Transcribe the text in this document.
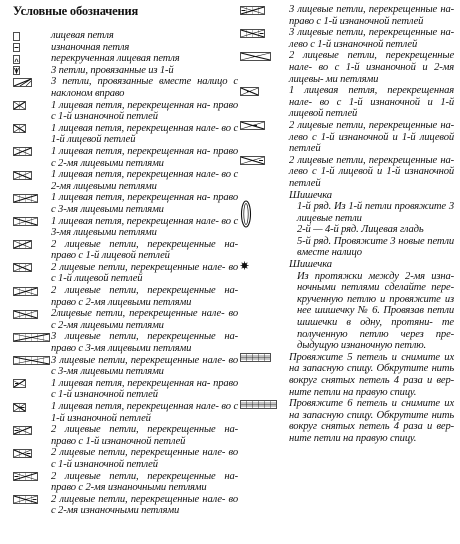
Условные обозначения
лицевая петля
изнаночная петля
перекрученная лицевая петля
3 петли, провязанные из 1-й
3 петли, провязанные вместе налицо с наклоном вправо
1 лицевая петля, перекрещенная на- право с 1-й изнаночной петлей
1 лицевая петля, перекрещенная нале- во с 1-й лицевой петлей
1 лицевая петля, перекрещенная на- право с 2-мя лицевыми петлями
1 лицевая петля, перекрещенная нале- во с 2-мя лицевыми петлями
1 лицевая петля, перекрещенная на- право с 3-мя лицевыми петлями
1 лицевая петля, перекрещенная нале- во с 3-мя лицевыми петлями
2 лицевые петли, перекрещенные на- право с 1-й лицевой петлей
2 лицевые петли, перекрещенные нале- во с 1-й лицевой петлей
2 лицевые петли, перекрещенные на- право с 2-мя лицевыми петлями
2лицевые петли, перекрещенные нале- во с 2-мя лицевыми петлями
3 лицевые петли, перекрещенные на- право с 3-мя лицевыми петлями
3 лицевые петли, перекрещенные нале- во с 3-мя лицевыми петлями
1 лицевая петля, перекрещенная на- право с 1-й изнаночной петлей
1 лицевая петля, перекрещенная нале- во с 1-й изнаночной петлей
2 лицевые петли, перекрещенные на- право с 1-й изнаночной петлей
2 лицевые петли, перекрещенные нале- во с 1-й изнаночной петлей
2 лицевые петли, перекрещенные на- право с 2-мя изнаночными петлями
2 лицевые петли, перекрещенные нале- во с 2-мя изнаночными петлями
3 лицевые петли, перекрещенные на- право с 1-й изнаночной петлей
3 лицевые петли, перекрещенные на- лево с 1-й изнаночной петлей
2 лицевые петли, перекрещенные нале- во с 1-й изнаночной и 2-мя лицевы- ми петлями
1 лицевая петля, перекрещенная нале- во с 1-й изнаночной и 1-й лицевой петлей
2 лицевые петли, перекрещенные на- лево с 1-й изнаночной и 1-й лицевой петлей
2 лицевые петли, перекрещенные на- лево с 1-й лицевой и 1-й изнаночной петлей
Шишечка
1-й ряд. Из 1-й петли провяжите 3 лицевые петли
2-й — 4-й ряд. Лицевая гладь
5-й ряд. Провяжите 3 новые петли вместе налицо
Шишечка
Из протяжки между 2-мя изна- ночными петлями сделайте пере- крученную петлю и провяжите из нее шишечку № 6. Провязав петли шишечки в одну, протяни- те полученную петлю через пре- дыдущую изнаночную петлю.
Провяжите 5 петель и снимите их на запасную спицу. Обкрутите нить вокруг снятых петель 4 раза и вер- ните петли на правую спицу.
Провяжите 6 петель и снимите их на запасную спицу. Обкрутите нить вокруг снятых петель 4 раза и вер- ните петли на правую спицу.
